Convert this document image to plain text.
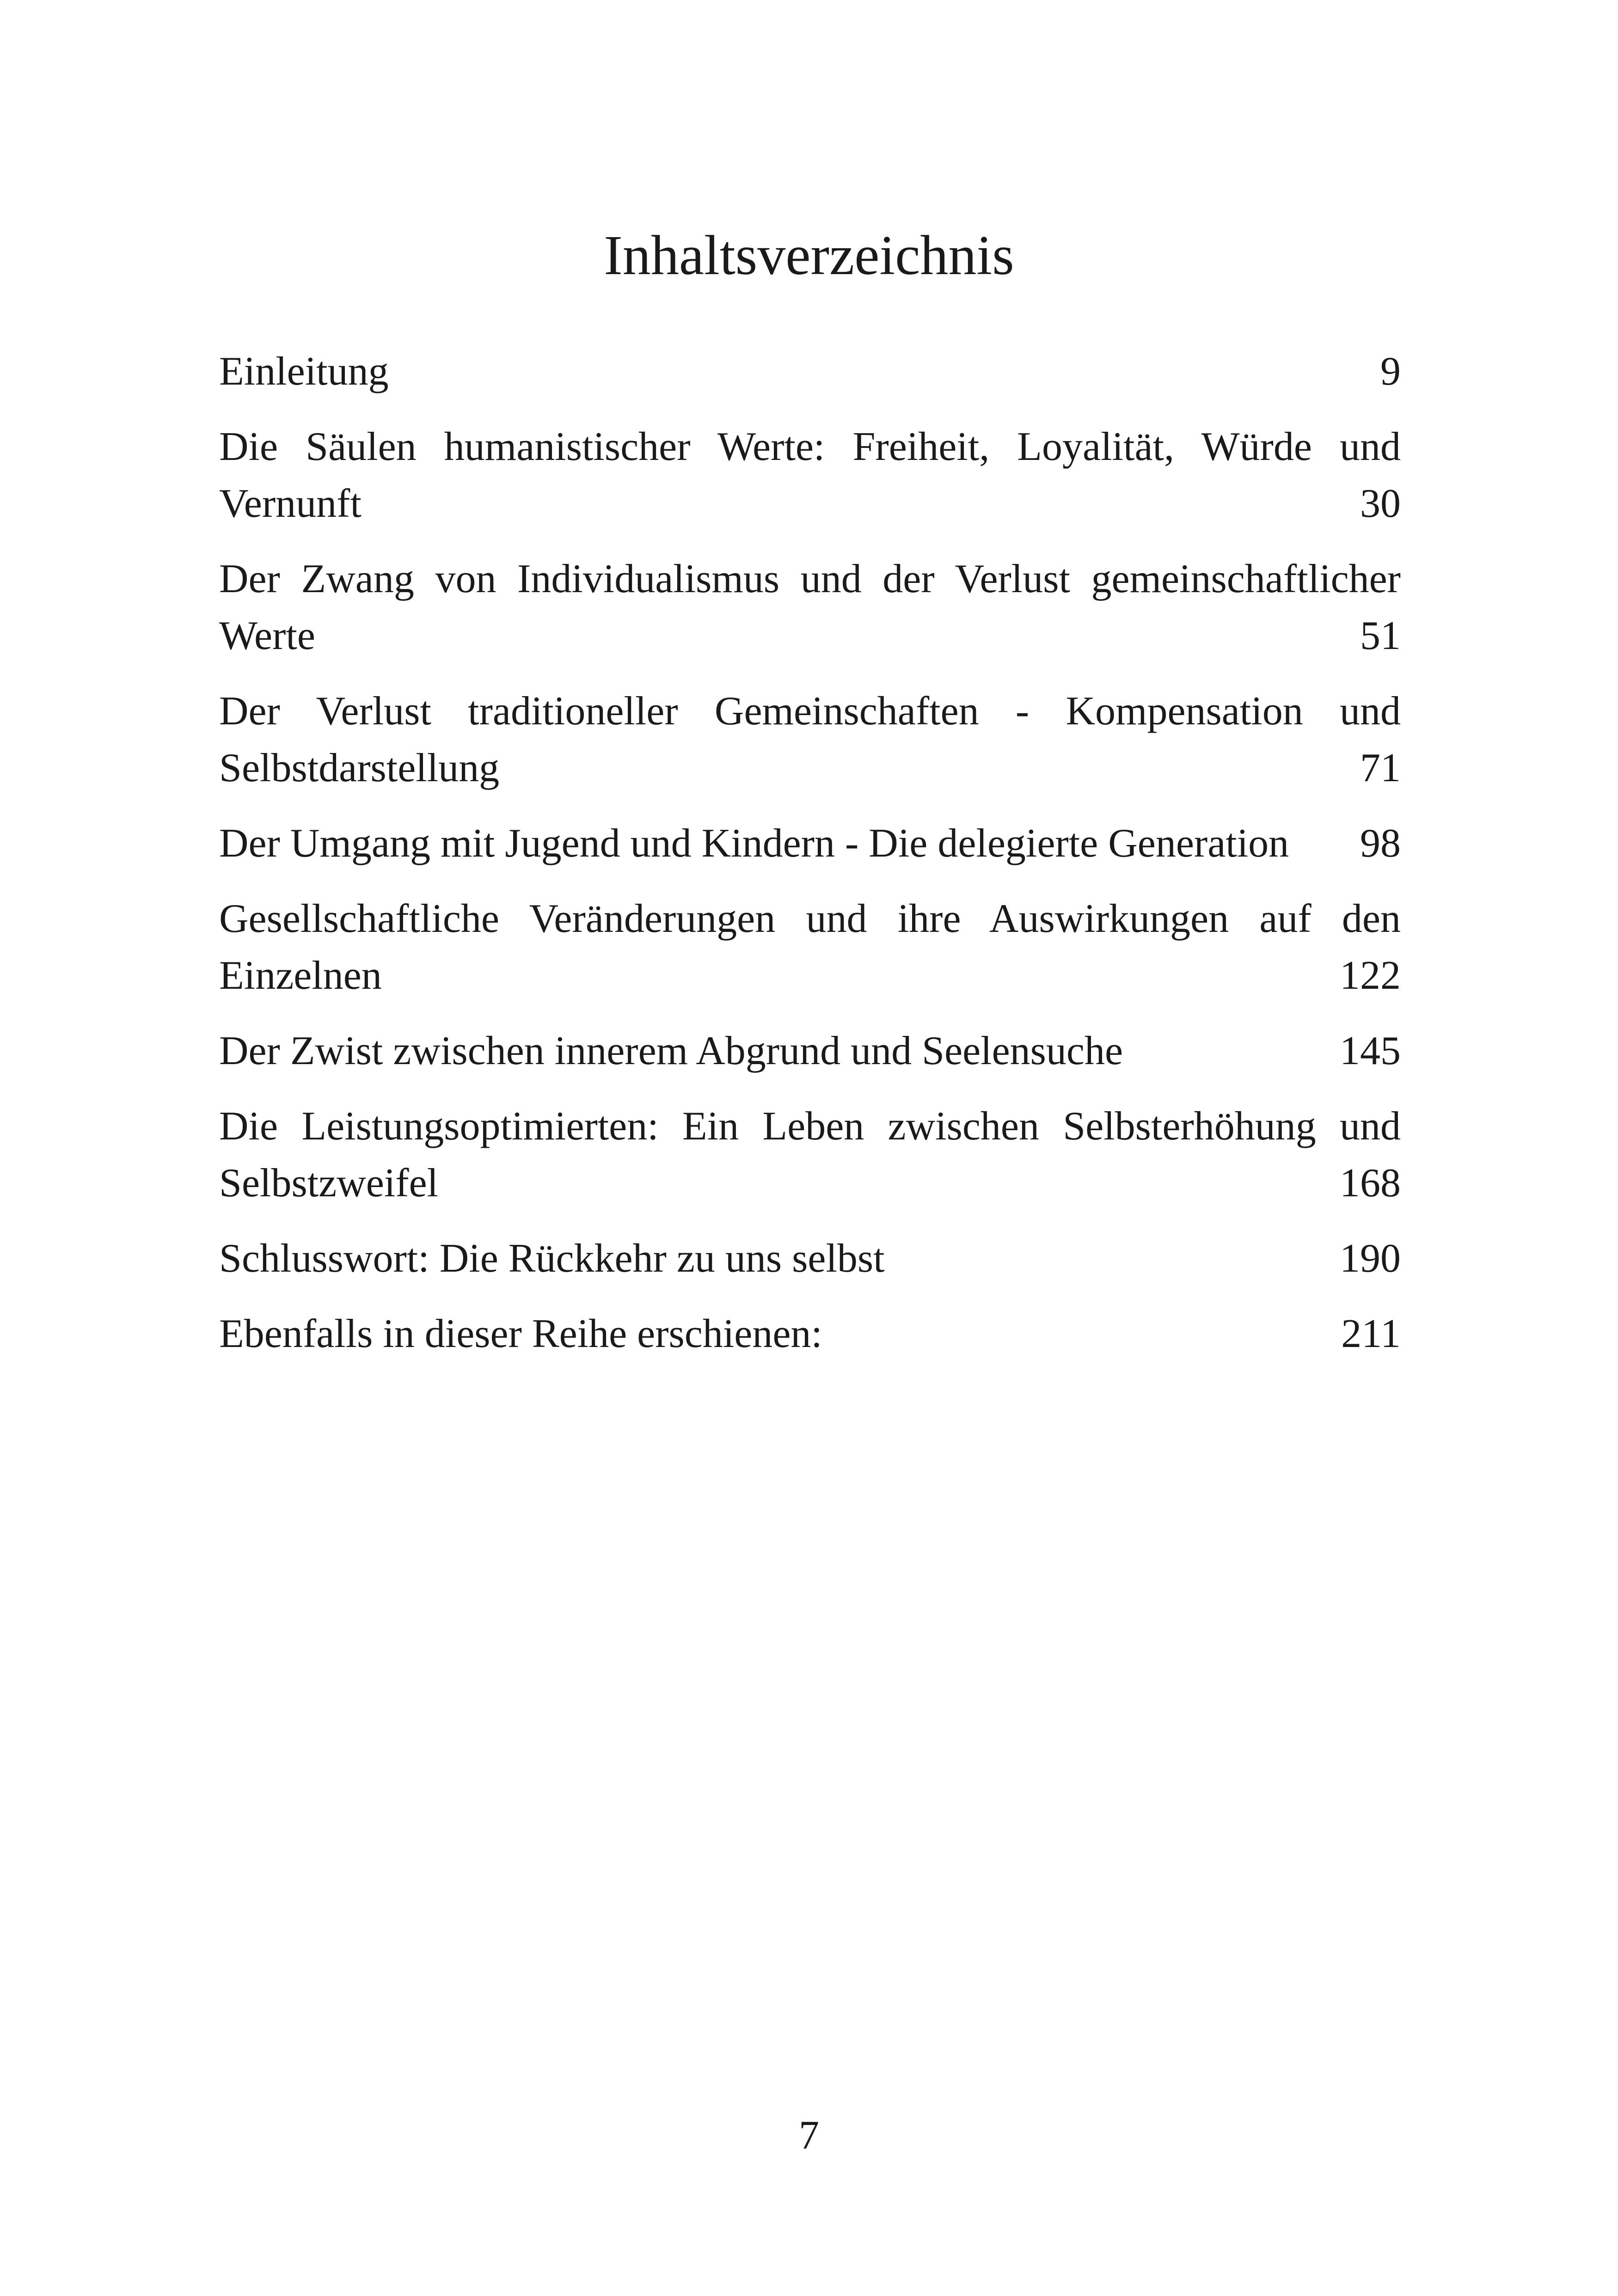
Inhaltsverzeichnis
Einleitung	9
Die Säulen humanistischer Werte: Freiheit, Loyalität, Würde und
Vernunft	30
Der Zwang von Individualismus und der Verlust gemeinschaftlicher
Werte	51
Der Verlust traditioneller Gemeinschaften - Kompensation und
Selbstdarstellung	71
Der Umgang mit Jugend und Kindern - Die delegierte Generation 98
Gesellschaftliche Veränderungen und ihre Auswirkungen auf den
Einzelnen	122
Der Zwist zwischen innerem Abgrund und Seelensuche	145
Die Leistungsoptimierten: Ein Leben zwischen Selbsterhöhung und
Selbstzweifel	168
Schlusswort: Die Rückkehr zu uns selbst	190
Ebenfalls in dieser Reihe erschienen:	211
7
